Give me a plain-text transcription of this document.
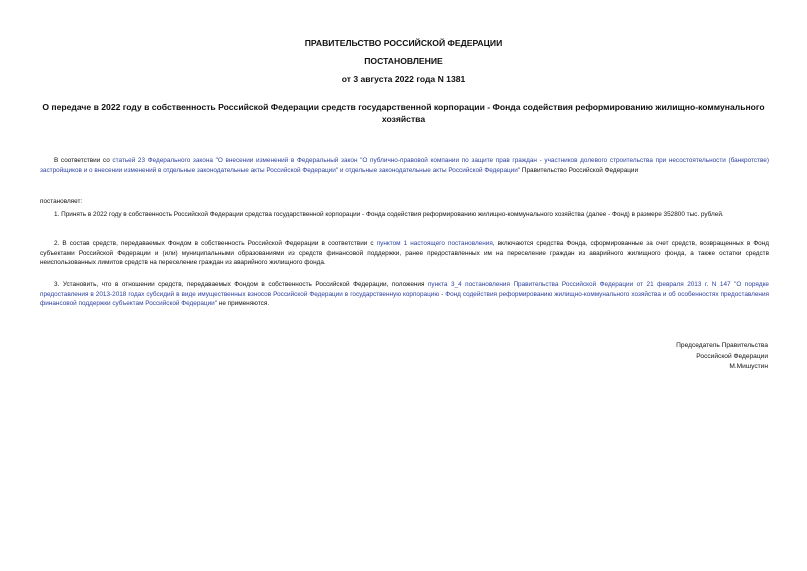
ПРАВИТЕЛЬСТВО РОССИЙСКОЙ ФЕДЕРАЦИИ
ПОСТАНОВЛЕНИЕ
от 3 августа 2022 года N 1381
О передаче в 2022 году в собственность Российской Федерации средств государственной корпорации - Фонда содействия реформированию жилищно-коммунального хозяйства
В соответствии со статьей 23 Федерального закона "О внесении изменений в Федеральный закон "О публично-правовой компании по защите прав граждан - участников долевого строительства при несостоятельности (банкротстве) застройщиков и о внесении изменений в отдельные законодательные акты Российской Федерации" и отдельные законодательные акты Российской Федерации" Правительство Российской Федерации
постановляет:
1. Принять в 2022 году в собственность Российской Федерации средства государственной корпорации - Фонда содействия реформированию жилищно-коммунального хозяйства (далее - Фонд) в размере 352800 тыс. рублей.
2. В состав средств, передаваемых Фондом в собственность Российской Федерации в соответствии с пунктом 1 настоящего постановления, включаются средства Фонда, сформированные за счет средств, возвращенных в Фонд субъектами Российской Федерации и (или) муниципальными образованиями из средств финансовой поддержки, ранее предоставленных им на переселение граждан из аварийного жилищного фонда, а также остатки средств неиспользованных лимитов средств на переселение граждан из аварийного жилищного фонда.
3. Установить, что в отношении средств, передаваемых Фондом в собственность Российской Федерации, положения пункта 3_4 постановления Правительства Российской Федерации от 21 февраля 2013 г. N 147 "О порядке предоставления в 2013-2018 годах субсидий в виде имущественных взносов Российской Федерации в государственную корпорацию - Фонд содействия реформированию жилищно-коммунального хозяйства и об особенностях предоставления финансовой поддержки субъектам Российской Федерации" не применяются.
Председатель Правительства
Российской Федерации
М.Мишустин
